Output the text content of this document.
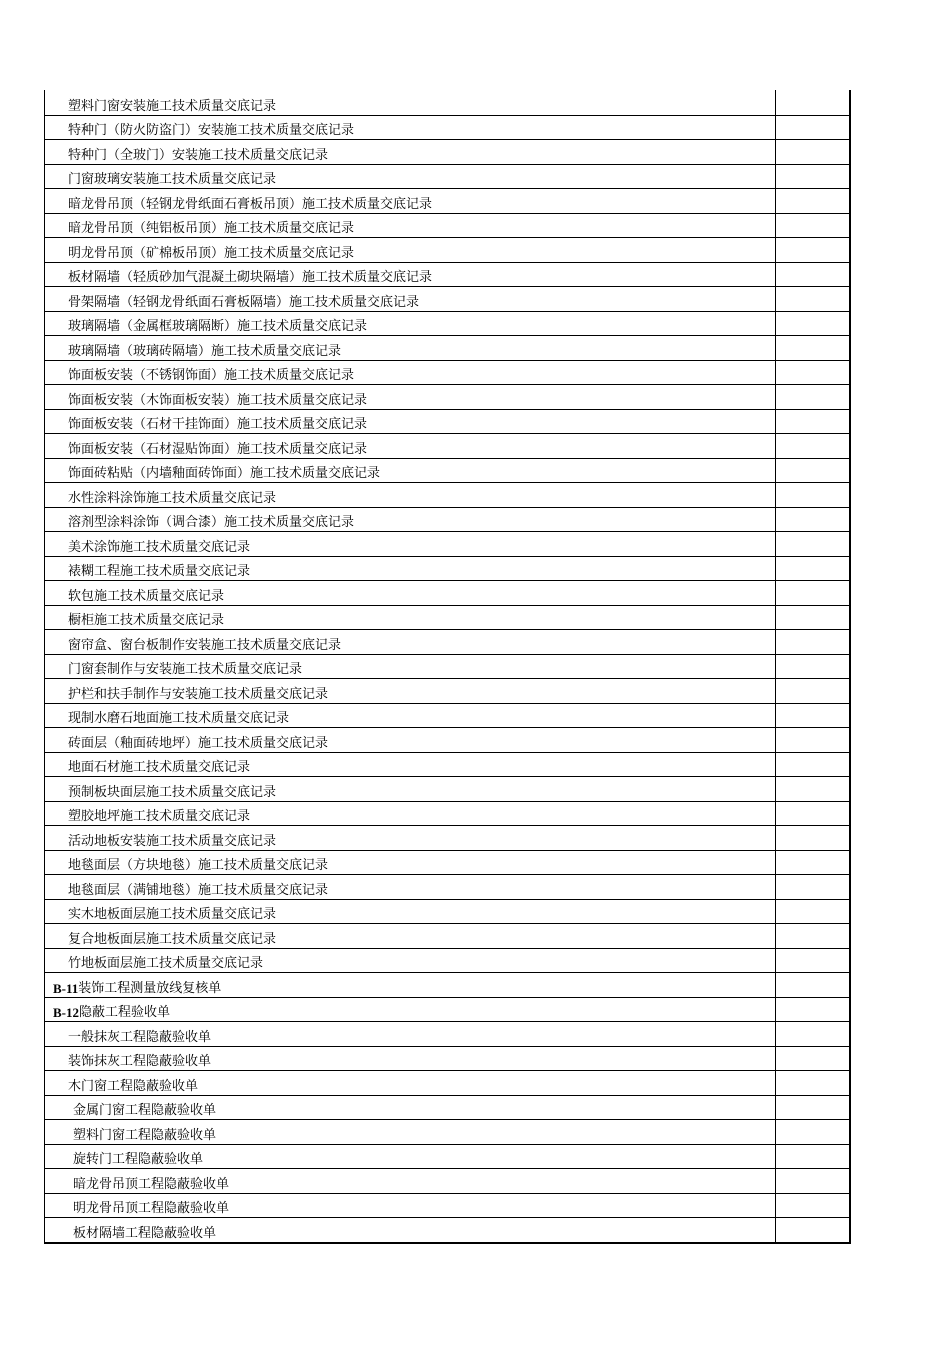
塑料门窗安装施工技术质量交底记录
特种门（防火防盗门）安装施工技术质量交底记录
特种门（全玻门）安装施工技术质量交底记录
门窗玻璃安装施工技术质量交底记录
暗龙骨吊顶（轻钢龙骨纸面石膏板吊顶）施工技术质量交底记录
暗龙骨吊顶（纯铝板吊顶）施工技术质量交底记录
明龙骨吊顶（矿棉板吊顶）施工技术质量交底记录
板材隔墙（轻质砂加气混凝土砌块隔墙）施工技术质量交底记录
骨架隔墙（轻钢龙骨纸面石膏板隔墙）施工技术质量交底记录
玻璃隔墙（金属框玻璃隔断）施工技术质量交底记录
玻璃隔墙（玻璃砖隔墙）施工技术质量交底记录
饰面板安装（不锈钢饰面）施工技术质量交底记录
饰面板安装（木饰面板安装）施工技术质量交底记录
饰面板安装（石材干挂饰面）施工技术质量交底记录
饰面板安装（石材湿贴饰面）施工技术质量交底记录
饰面砖粘贴（内墙釉面砖饰面）施工技术质量交底记录
水性涂料涂饰施工技术质量交底记录
溶剂型涂料涂饰（调合漆）施工技术质量交底记录
美术涂饰施工技术质量交底记录
裱糊工程施工技术质量交底记录
软包施工技术质量交底记录
橱柜施工技术质量交底记录
窗帘盒、窗台板制作安装施工技术质量交底记录
门窗套制作与安装施工技术质量交底记录
护栏和扶手制作与安装施工技术质量交底记录
现制水磨石地面施工技术质量交底记录
砖面层（釉面砖地坪）施工技术质量交底记录
地面石材施工技术质量交底记录
预制板块面层施工技术质量交底记录
塑胶地坪施工技术质量交底记录
活动地板安装施工技术质量交底记录
地毯面层（方块地毯）施工技术质量交底记录
地毯面层（满铺地毯）施工技术质量交底记录
实木地板面层施工技术质量交底记录
复合地板面层施工技术质量交底记录
竹地板面层施工技术质量交底记录
B-11 装饰工程测量放线复核单
B-12 隐蔽工程验收单
一般抹灰工程隐蔽验收单
装饰抹灰工程隐蔽验收单
木门窗工程隐蔽验收单
金属门窗工程隐蔽验收单
塑料门窗工程隐蔽验收单
旋转门工程隐蔽验收单
暗龙骨吊顶工程隐蔽验收单
明龙骨吊顶工程隐蔽验收单
板材隔墙工程隐蔽验收单
